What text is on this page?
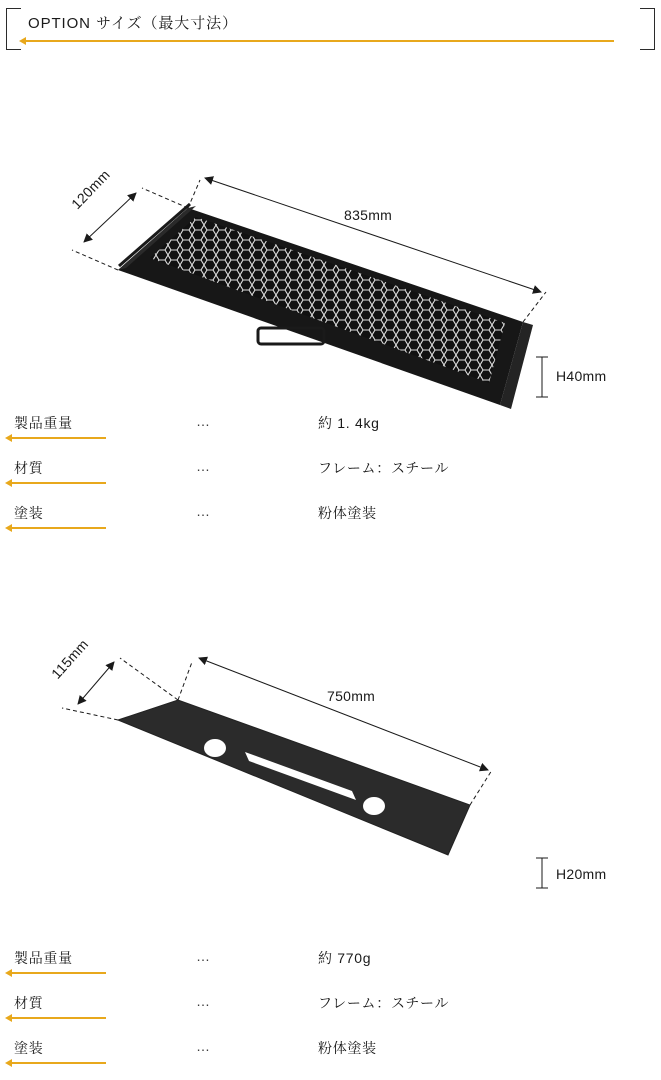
OPTION サイズ（最大寸法）
835mm
120mm
H40mm
製品重量	…	約 1. 4kg
材質	…	フレーム：スチール
塗装	…	粉体塗装
750mm
115mm
H20mm
製品重量	…	約 770g
材質	…	フレーム：スチール
塗装	…	粉体塗装
